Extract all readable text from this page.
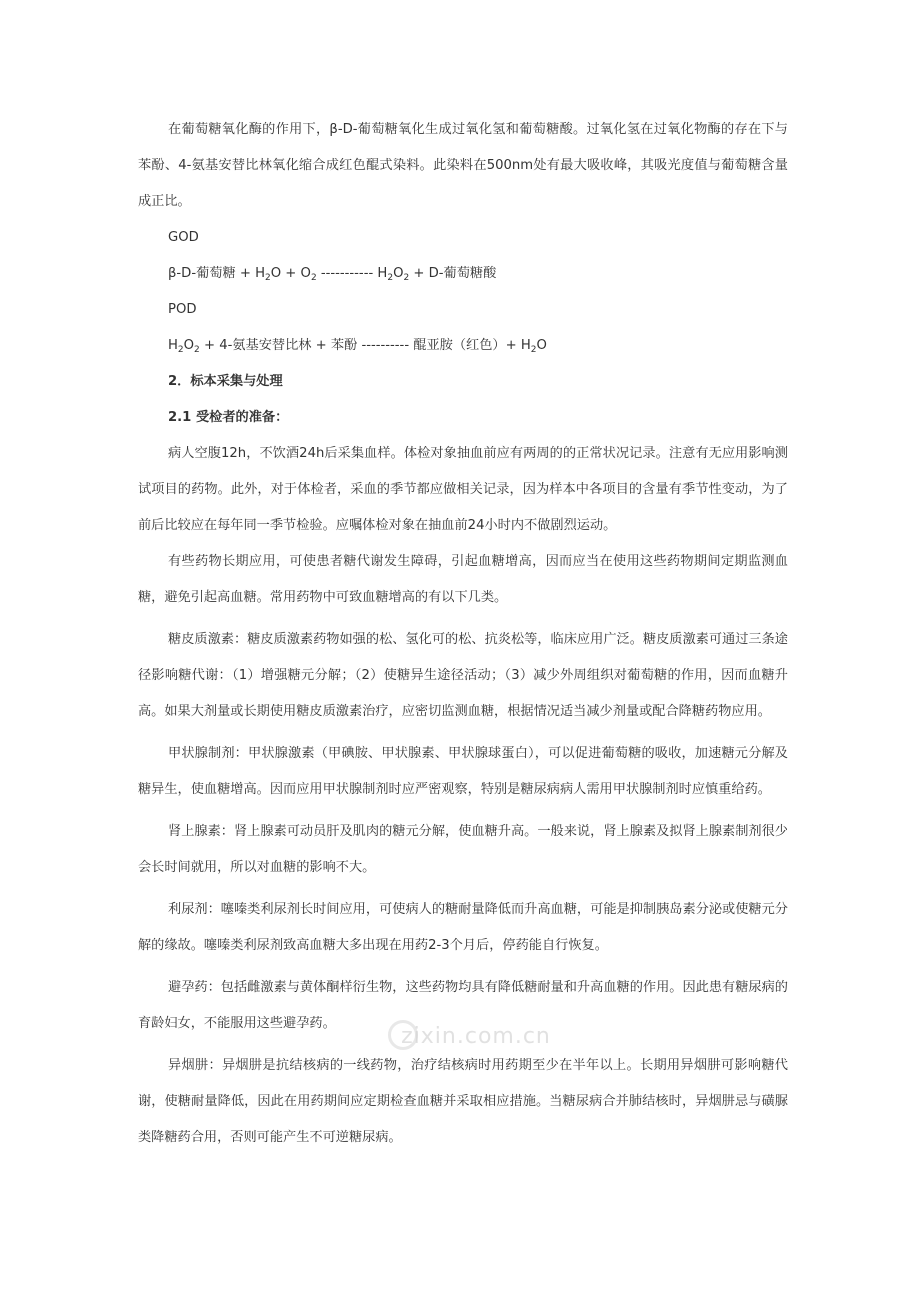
在葡萄糖氧化酶的作用下，β-D-葡萄糖氧化生成过氧化氢和葡萄糖酸。过氧化氢在过氧化物酶的存在下与苯酚、4-氨基安替比林氧化缩合成红色醌式染料。此染料在500nm处有最大吸收峰，其吸光度值与葡萄糖含量成正比。

GOD

β-D-葡萄糖 + $H_2O + O_2$ ----------- $H_2O_2 + D-$葡萄糖酸

POD

$H_2O_2 + 4-$氨基安替比林 + 苯酚 ---------- 醌亚胺（红色）+ $H_2O$

2．标本采集与处理

2.1 受检者的准备：

病人空腹12h，不饮酒24h后采集血样。体检对象抽血前应有两周的的正常状况记录。注意有无应用影响测试项目的药物。此外，对于体检者，采血的季节都应做相关记录，因为样本中各项目的含量有季节性变动，为了前后比较应在每年同一季节检验。应嘱体检对象在抽血前24小时内不做剧烈运动。

有些药物长期应用，可使患者糖代谢发生障碍，引起血糖增高，因而应当在使用这些药物期间定期监测血糖，避免引起高血糖。常用药物中可致血糖增高的有以下几类。

糖皮质激素：糖皮质激素药物如强的松、氢化可的松、抗炎松等，临床应用广泛。糖皮质激素可通过三条途径影响糖代谢：（1）增强糖元分解；（2）使糖异生途径活动；（3）减少外周组织对葡萄糖的作用，因而血糖升高。如果大剂量或长期使用糖皮质激素治疗，应密切监测血糖，根据情况适当减少剂量或配合降糖药物应用。

甲状腺制剂：甲状腺激素（甲碘胺、甲状腺素、甲状腺球蛋白），可以促进葡萄糖的吸收，加速糖元分解及糖异生，使血糖增高。因而应用甲状腺制剂时应严密观察，特别是糖尿病病人需用甲状腺制剂时应慎重给药。

肾上腺素：肾上腺素可动员肝及肌肉的糖元分解，使血糖升高。一般来说，肾上腺素及拟肾上腺素制剂很少会长时间就用，所以对血糖的影响不大。

利尿剂：噻嗪类利尿剂长时间应用，可使病人的糖耐量降低而升高血糖，可能是抑制胰岛素分泌或使糖元分解的缘故。噻嗪类利尿剂致高血糖大多出现在用药2-3个月后，停药能自行恢复。

避孕药：包括雌激素与黄体酮样衍生物，这些药物均具有降低糖耐量和升高血糖的作用。因此患有糖尿病的育龄妇女，不能服用这些避孕药。

异烟肼：异烟肼是抗结核病的一线药物，治疗结核病时用药期至少在半年以上。长期用异烟肼可影响糖代谢，使糖耐量降低，因此在用药期间应定期检查血糖并采取相应措施。当糖尿病合并肺结核时，异烟肼忌与磺脲类降糖药合用，否则可能产生不可逆糖尿病。

zixin.com.cn
